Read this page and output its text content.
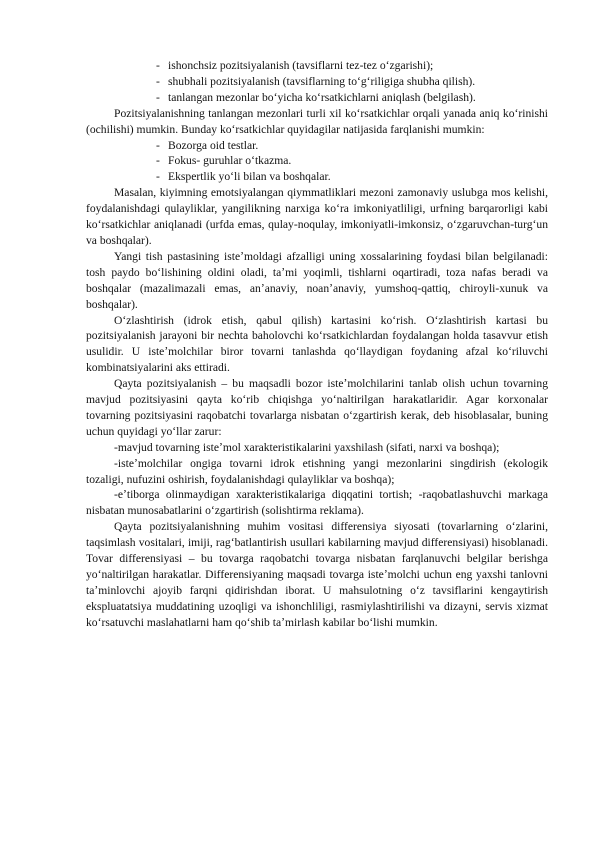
- ishonchsiz pozitsiyalanish (tavsiflarni tez-tez oʻzgarishi);
- shubhali pozitsiyalanish (tavsiflarning toʻgʻriligiga shubha qilish).
- tanlangan mezonlar boʻyicha koʻrsatkichlarni aniqlash (belgilash).

Pozitsiyalanishning tanlangan mezonlari turli xil koʻrsatkichlar orqali yanada aniq koʻrinishi (ochilishi) mumkin. Bunday koʻrsatkichlar quyidagilar natijasida farqlanishi mumkin:

- Bozorga oid testlar.
- Fokus- guruhlar oʻtkazma.
- Ekspertlik yoʻli bilan va boshqalar.

Masalan, kiyimning emotsiyalangan qiymmatliklari mezoni zamonaviy uslubga mos kelishi, foydalanishdagi qulayliklar, yangilikning narxiga koʻra imkoniyatliligi, urfning barqarorligi kabi koʻrsatkichlar aniqlanadi (urfda emas, qulay-noqulay, imkoniyatli-imkonsiz, oʻzgaruvchan-turgʻun va boshqalar).

Yangi tish pastasining isteʼmoldagi afzalligi uning xossalarining foydasi bilan belgilanadi: tosh paydo boʻlishining oldini oladi, taʼmi yoqimli, tishlarni oqartiradi, toza nafas beradi va boshqalar (mazalimazali emas, anʼanaviy, noanʼanaviy, yumshoq-qattiq, chiroyli-xunuk va boshqalar).

Oʻzlashtirish (idrok etish, qabul qilish) kartasini koʻrish. Oʻzlashtirish kartasi bu pozitsiyalanish jarayoni bir nechta baholovchi koʻrsatkichlardan foydalangan holda tasavvur etish usulidir. U isteʼmolchilar biror tovarni tanlashda qoʻllaydigan foydaning afzal koʻriluvchi kombinatsiyalarini aks ettiradi.

Qayta pozitsiyalanish – bu maqsadli bozor isteʼmolchilarini tanlab olish uchun tovarning mavjud pozitsiyasini qayta koʻrib chiqishga yoʻnaltirilgan harakatlaridir. Agar korxonalar tovarning pozitsiyasini raqobatchi tovarlarga nisbatan oʻzgartirish kerak, deb hisoblasalar, buning uchun quyidagi yoʻllar zarur:

-mavjud tovarning isteʼmol xarakteristikalarini yaxshilash (sifati, narxi va boshqa);

-isteʼmolchilar ongiga tovarni idrok etishning yangi mezonlarini singdirish (ekologik tozaligi, nufuzini oshirish, foydalanishdagi qulayliklar va boshqa);

-eʼtiborga olinmaydigan xarakteristikalariga diqqatini tortish; -raqobatlashuvchi markaga nisbatan munosabatlarini oʻzgartirish (solishtirma reklama).

Qayta pozitsiyalanishning muhim vositasi differensiya siyosati (tovarlarning oʻzlarini, taqsimlash vositalari, imiji, ragʻbatlantirish usullari kabilarning mavjud differensiyasi) hisoblanadi. Tovar differensiyasi – bu tovarga raqobatchi tovarga nisbatan farqlanuvchi belgilar berishga yoʻnaltirilgan harakatlar. Differensiyaning maqsadi tovarga isteʼmolchi uchun eng yaxshi tanlovni taʼminlovchi ajoyib farqni qidirishdan iborat. U mahsulotning oʻz tavsiflarini kengaytirish ekspluatatsiya muddatining uzoqligi va ishonchliligi, rasmiylashtirilishi va dizayni, servis xizmat koʻrsatuvchi maslahatlarni ham qoʻshib taʼmirlash kabilar boʻlishi mumkin.
